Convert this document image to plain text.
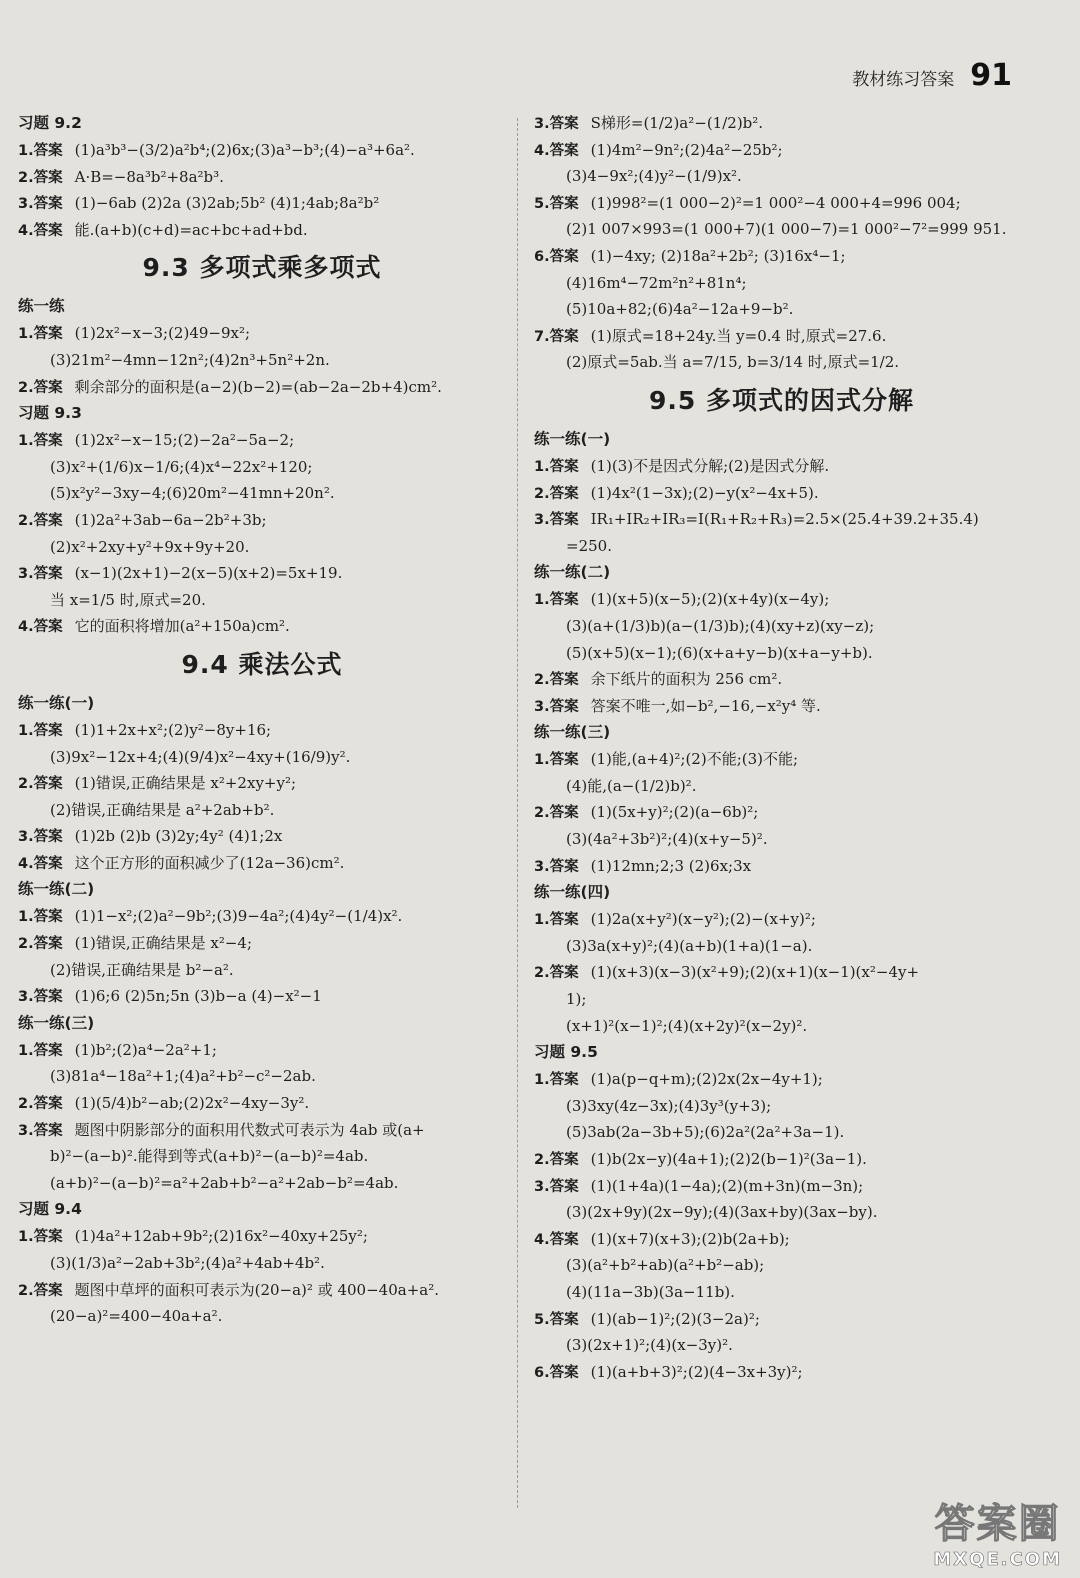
教材练习答案 91
习题 9.2
1.答案 (1)a³b³−(3/2)a²b⁴;(2)6x;(3)a³−b³;(4)−a³+6a².
2.答案 A·B=−8a³b²+8a²b³.
3.答案 (1)−6ab (2)2a (3)2ab;5b² (4)1;4ab;8a²b²
4.答案 能.(a+b)(c+d)=ac+bc+ad+bd.
9.3 多项式乘多项式
练一练
1.答案 (1)2x²−x−3;(2)49−9x²;
(3)21m²−4mn−12n²;(4)2n³+5n²+2n.
2.答案 剩余部分的面积是(a−2)(b−2)=(ab−2a−2b+4)cm².
习题 9.3
1.答案 (1)2x²−x−15;(2)−2a²−5a−2;
(3)x²+(1/6)x−1/6;(4)x⁴−22x²+120;
(5)x²y²−3xy−4;(6)20m²−41mn+20n².
2.答案 (1)2a²+3ab−6a−2b²+3b;
(2)x²+2xy+y²+9x+9y+20.
3.答案 (x−1)(2x+1)−2(x−5)(x+2)=5x+19.
当 x=1/5 时,原式=20.
4.答案 它的面积将增加(a²+150a)cm².
9.4 乘法公式
练一练(一)
1.答案 (1)1+2x+x²;(2)y²−8y+16;
(3)9x²−12x+4;(4)(9/4)x²−4xy+(16/9)y².
2.答案 (1)错误,正确结果是 x²+2xy+y²;
(2)错误,正确结果是 a²+2ab+b².
3.答案 (1)2b (2)b (3)2y;4y² (4)1;2x
4.答案 这个正方形的面积减少了(12a−36)cm².
练一练(二)
1.答案 (1)1−x²;(2)a²−9b²;(3)9−4a²;(4)4y²−(1/4)x².
2.答案 (1)错误,正确结果是 x²−4;
(2)错误,正确结果是 b²−a².
3.答案 (1)6;6 (2)5n;5n (3)b−a (4)−x²−1
练一练(三)
1.答案 (1)b²;(2)a⁴−2a²+1;
(3)81a⁴−18a²+1;(4)a²+b²−c²−2ab.
2.答案 (1)(5/4)b²−ab;(2)2x²−4xy−3y².
3.答案 题图中阴影部分的面积用代数式可表示为 4ab 或(a+
b)²−(a−b)².能得到等式(a+b)²−(a−b)²=4ab.
(a+b)²−(a−b)²=a²+2ab+b²−a²+2ab−b²=4ab.
习题 9.4
1.答案 (1)4a²+12ab+9b²;(2)16x²−40xy+25y²;
(3)(1/3)a²−2ab+3b²;(4)a²+4ab+4b².
2.答案 题图中草坪的面积可表示为(20−a)² 或 400−40a+a².
(20−a)²=400−40a+a².
3.答案 S梯形=(1/2)a²−(1/2)b².
4.答案 (1)4m²−9n²;(2)4a²−25b²;
(3)4−9x²;(4)y²−(1/9)x².
5.答案 (1)998²=(1 000−2)²=1 000²−4 000+4=996 004;
(2)1 007×993=(1 000+7)(1 000−7)=1 000²−7²=999 951.
6.答案 (1)−4xy; (2)18a²+2b²; (3)16x⁴−1;
(4)16m⁴−72m²n²+81n⁴;
(5)10a+82;(6)4a²−12a+9−b².
7.答案 (1)原式=18+24y.当 y=0.4 时,原式=27.6.
(2)原式=5ab.当 a=7/15, b=3/14 时,原式=1/2.
9.5 多项式的因式分解
练一练(一)
1.答案 (1)(3)不是因式分解;(2)是因式分解.
2.答案 (1)4x²(1−3x);(2)−y(x²−4x+5).
3.答案 IR₁+IR₂+IR₃=I(R₁+R₂+R₃)=2.5×(25.4+39.2+35.4)
=250.
练一练(二)
1.答案 (1)(x+5)(x−5);(2)(x+4y)(x−4y);
(3)(a+(1/3)b)(a−(1/3)b);(4)(xy+z)(xy−z);
(5)(x+5)(x−1);(6)(x+a+y−b)(x+a−y+b).
2.答案 余下纸片的面积为 256 cm².
3.答案 答案不唯一,如−b²,−16,−x²y⁴ 等.
练一练(三)
1.答案 (1)能,(a+4)²;(2)不能;(3)不能;
(4)能,(a−(1/2)b)².
2.答案 (1)(5x+y)²;(2)(a−6b)²;
(3)(4a²+3b²)²;(4)(x+y−5)².
3.答案 (1)12mn;2;3 (2)6x;3x
练一练(四)
1.答案 (1)2a(x+y²)(x−y²);(2)−(x+y)²;
(3)3a(x+y)²;(4)(a+b)(1+a)(1−a).
2.答案 (1)(x+3)(x−3)(x²+9);(2)(x+1)(x−1)(x²−4y+
1);
(x+1)²(x−1)²;(4)(x+2y)²(x−2y)².
习题 9.5
1.答案 (1)a(p−q+m);(2)2x(2x−4y+1);
(3)3xy(4z−3x);(4)3y³(y+3);
(5)3ab(2a−3b+5);(6)2a²(2a²+3a−1).
2.答案 (1)b(2x−y)(4a+1);(2)2(b−1)²(3a−1).
3.答案 (1)(1+4a)(1−4a);(2)(m+3n)(m−3n);
(3)(2x+9y)(2x−9y);(4)(3ax+by)(3ax−by).
4.答案 (1)(x+7)(x+3);(2)b(2a+b);
(3)(a²+b²+ab)(a²+b²−ab);
(4)(11a−3b)(3a−11b).
5.答案 (1)(ab−1)²;(2)(3−2a)²;
(3)(2x+1)²;(4)(x−3y)².
6.答案 (1)(a+b+3)²;(2)(4−3x+3y)²;
答案圈
MXQE.COM
